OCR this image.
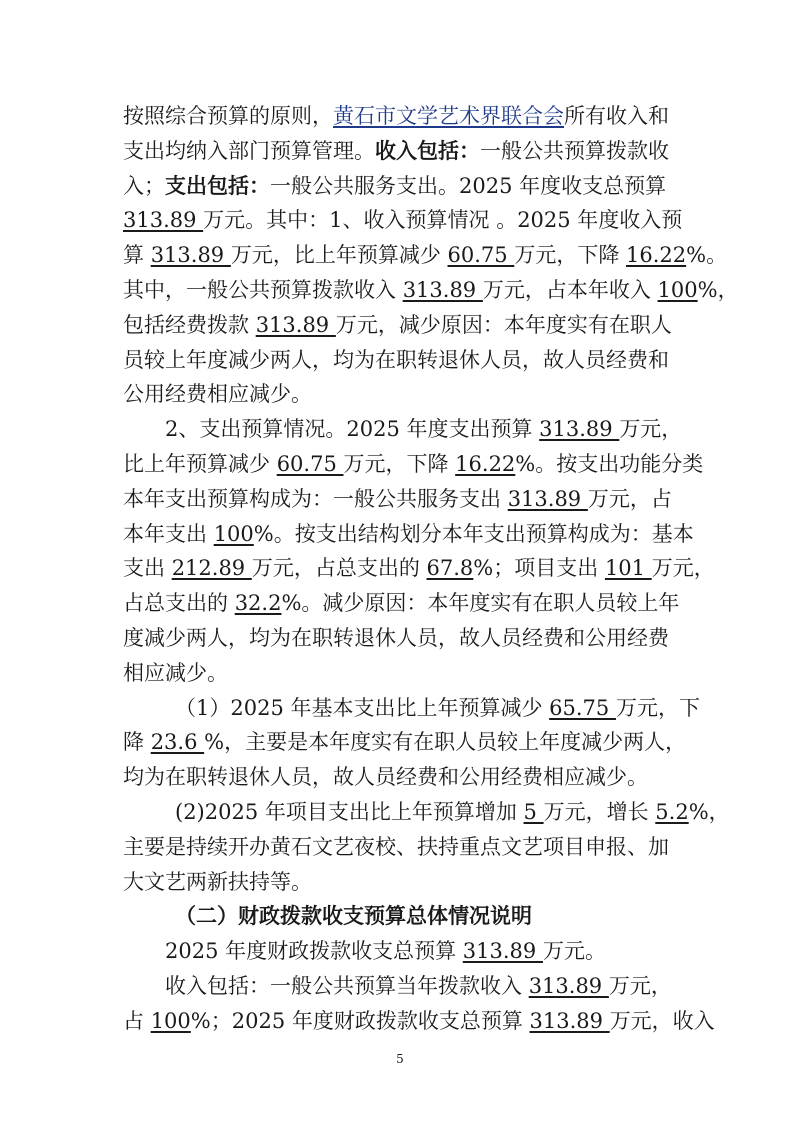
按照综合预算的原则，黄石市文学艺术界联合会所有收入和

支出均纳入部门预算管理。收入包括：一般公共预算拨款收

入；支出包括：一般公共服务支出。2025 年度收支总预算

313.89 万元。其中：1、收入预算情况 。2025 年度收入预

算 313.89 万元，比上年预算减少 60.75 万元，下降 16.22%。

其中，一般公共预算拨款收入 313.89 万元，占本年收入 100%，

包括经费拨款 313.89 万元，减少原因：本年度实有在职人

员较上年度减少两人，均为在职转退休人员，故人员经费和

公用经费相应减少。

2、支出预算情况。2025 年度支出预算 313.89 万元，

比上年预算减少 60.75 万元，下降 16.22%。按支出功能分类

本年支出预算构成为：一般公共服务支出 313.89 万元，占

本年支出 100%。按支出结构划分本年支出预算构成为：基本

支出 212.89 万元，占总支出的 67.8%；项目支出 101 万元，

占总支出的 32.2%。减少原因：本年度实有在职人员较上年

度减少两人，均为在职转退休人员，故人员经费和公用经费

相应减少。

（1）2025 年基本支出比上年预算减少 65.75 万元，下

降 23.6 %，主要是本年度实有在职人员较上年度减少两人，

均为在职转退休人员，故人员经费和公用经费相应减少。

(2)2025 年项目支出比上年预算增加 5 万元，增长 5.2%，

主要是持续开办黄石文艺夜校、扶持重点文艺项目申报、加

大文艺两新扶持等。

（二）财政拨款收支预算总体情况说明

2025 年度财政拨款收支总预算 313.89 万元。

5

收入包括：一般公共预算当年拨款收入 313.89 万元，

占 100%；2025 年度财政拨款收支总预算 313.89 万元，收入
